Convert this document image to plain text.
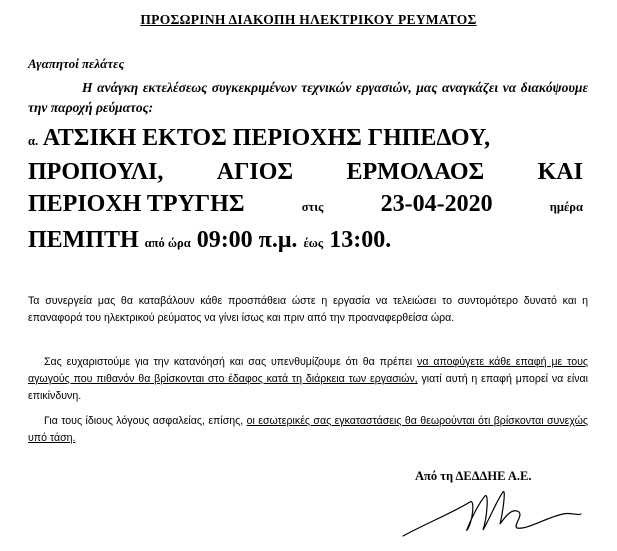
ΠΡΟΣΩΡΙΝΗ ΔΙΑΚΟΠΗ ΗΛΕΚΤΡΙΚΟΥ ΡΕΥΜΑΤΟΣ
Αγαπητοί πελάτες
Η ανάγκη εκτελέσεως συγκεκριμένων τεχνικών εργασιών, μας αναγκάζει να διακόψουμε την παροχή ρεύματος:
α. ΑΤΣΙΚΗ ΕΚΤΟΣ ΠΕΡΙΟΧΗΣ ΓΗΠΕΔΟΥ,
ΠΡΟΠΟΥΛΙ, ΑΓΙΟΣ ΕΡΜΟΛΑΟΣ ΚΑΙ
ΠΕΡΙΟΧΗ ΤΡΥΓΗΣ	στις 23-04-2020	ημέρα
ΠΕΜΠΤΗ από ώρα 09:00 π.μ. έως 13:00.
Τα συνεργεία μας θα καταβάλουν κάθε προσπάθεια ώστε η εργασία να τελειώσει το συντομότερο δυνατό και η επαναφορά του ηλεκτρικού ρεύματος να γίνει ίσως και πριν από την προαναφερθείσα ώρα.
Σας ευχαριστούμε για την κατανόησή και σας υπενθυμίζουμε ότι θα πρέπει να αποφύγετε κάθε επαφή με τους αγωγούς που πιθανόν θα βρίσκονται στο έδαφος κατά τη διάρκεια των εργασιών, γιατί αυτή η επαφή μπορεί να είναι επικίνδυνη.
Για τους ίδιους λόγους ασφαλείας, επίσης, οι εσωτερικές σας εγκαταστάσεις θα θεωρούνται ότι βρίσκονται συνεχώς υπό τάση.
Από τη ΔΕΔΔΗΕ Α.Ε.
